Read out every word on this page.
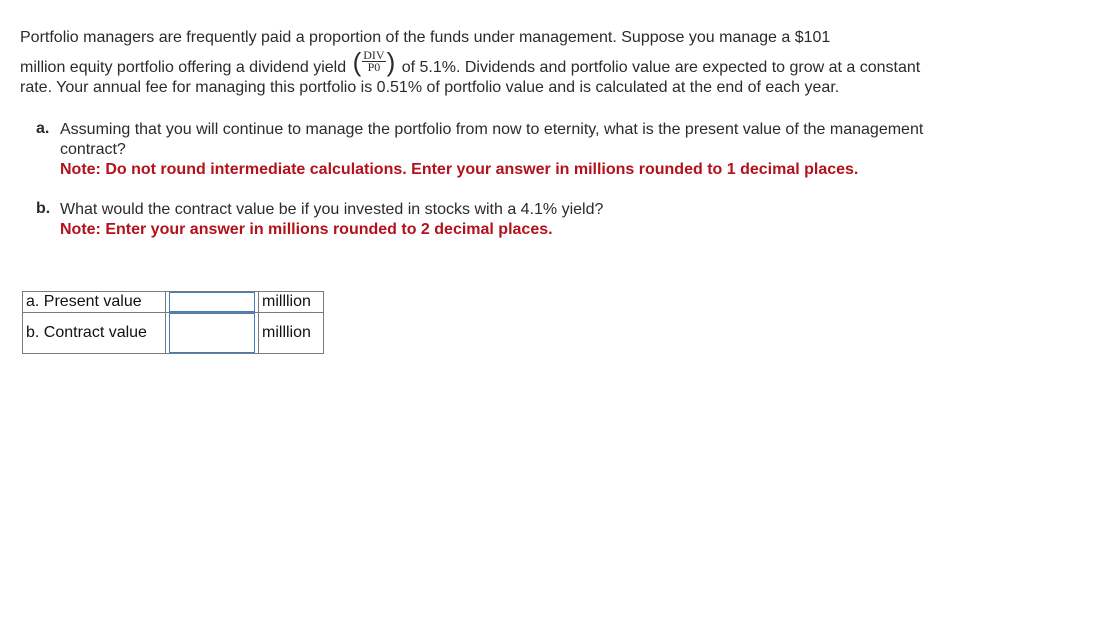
Portfolio managers are frequently paid a proportion of the funds under management. Suppose you manage a $101
million equity portfolio offering a dividend yield ( $\frac{\text{DIV}}{P0}$ ) of 5.1%. Dividends and portfolio value are expected to grow at a constant rate. Your annual fee for managing this portfolio is 0.51% of portfolio value and is calculated at the end of each year.

a. Assuming that you will continue to manage the portfolio from now to eternity, what is the present value of the management contract?
Note: Do not round intermediate calculations. Enter your answer in millions rounded to 1 decimal places.
b. What would the contract value be if you invested in stocks with a 4.1% yield?
Note: Enter your answer in millions rounded to 2 decimal places.
a. Present value		milllion
b. Contract value		milllion
